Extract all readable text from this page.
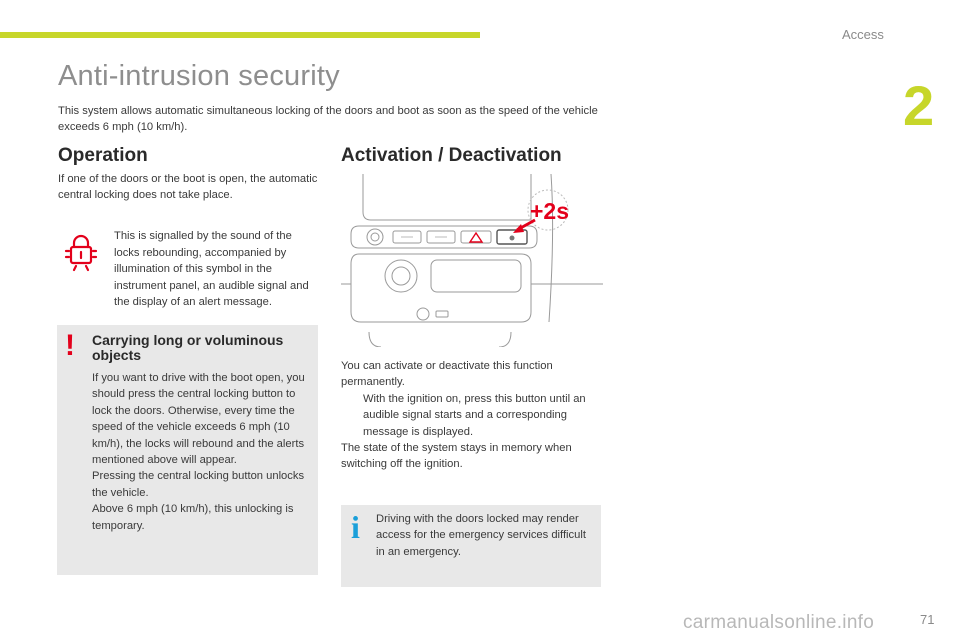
Access
2
Anti-intrusion security

This system allows automatic simultaneous locking of the doors and boot as soon as the speed of the vehicle exceeds 6 mph (10 km/h).

Operation

If one of the doors or the boot is open, the automatic central locking does not take place.

This is signalled by the sound of the locks rebounding, accompanied by illumination of this symbol in the instrument panel, an audible signal and the display of an alert message.

! Carrying long or voluminous objects

If you want to drive with the boot open, you should press the central locking button to lock the doors. Otherwise, every time the speed of the vehicle exceeds 6 mph (10 km/h), the locks will rebound and the alerts mentioned above will appear.
Pressing the central locking button unlocks the vehicle.
Above 6 mph (10 km/h), this unlocking is temporary.

Activation / Deactivation
+2s

You can activate or deactivate this function permanently.

With the ignition on, press this button until an audible signal starts and a corresponding message is displayed.

The state of the system stays in memory when switching off the ignition.

i Driving with the doors locked may render access for the emergency services difficult in an emergency.

carmanualsonline.info	71
